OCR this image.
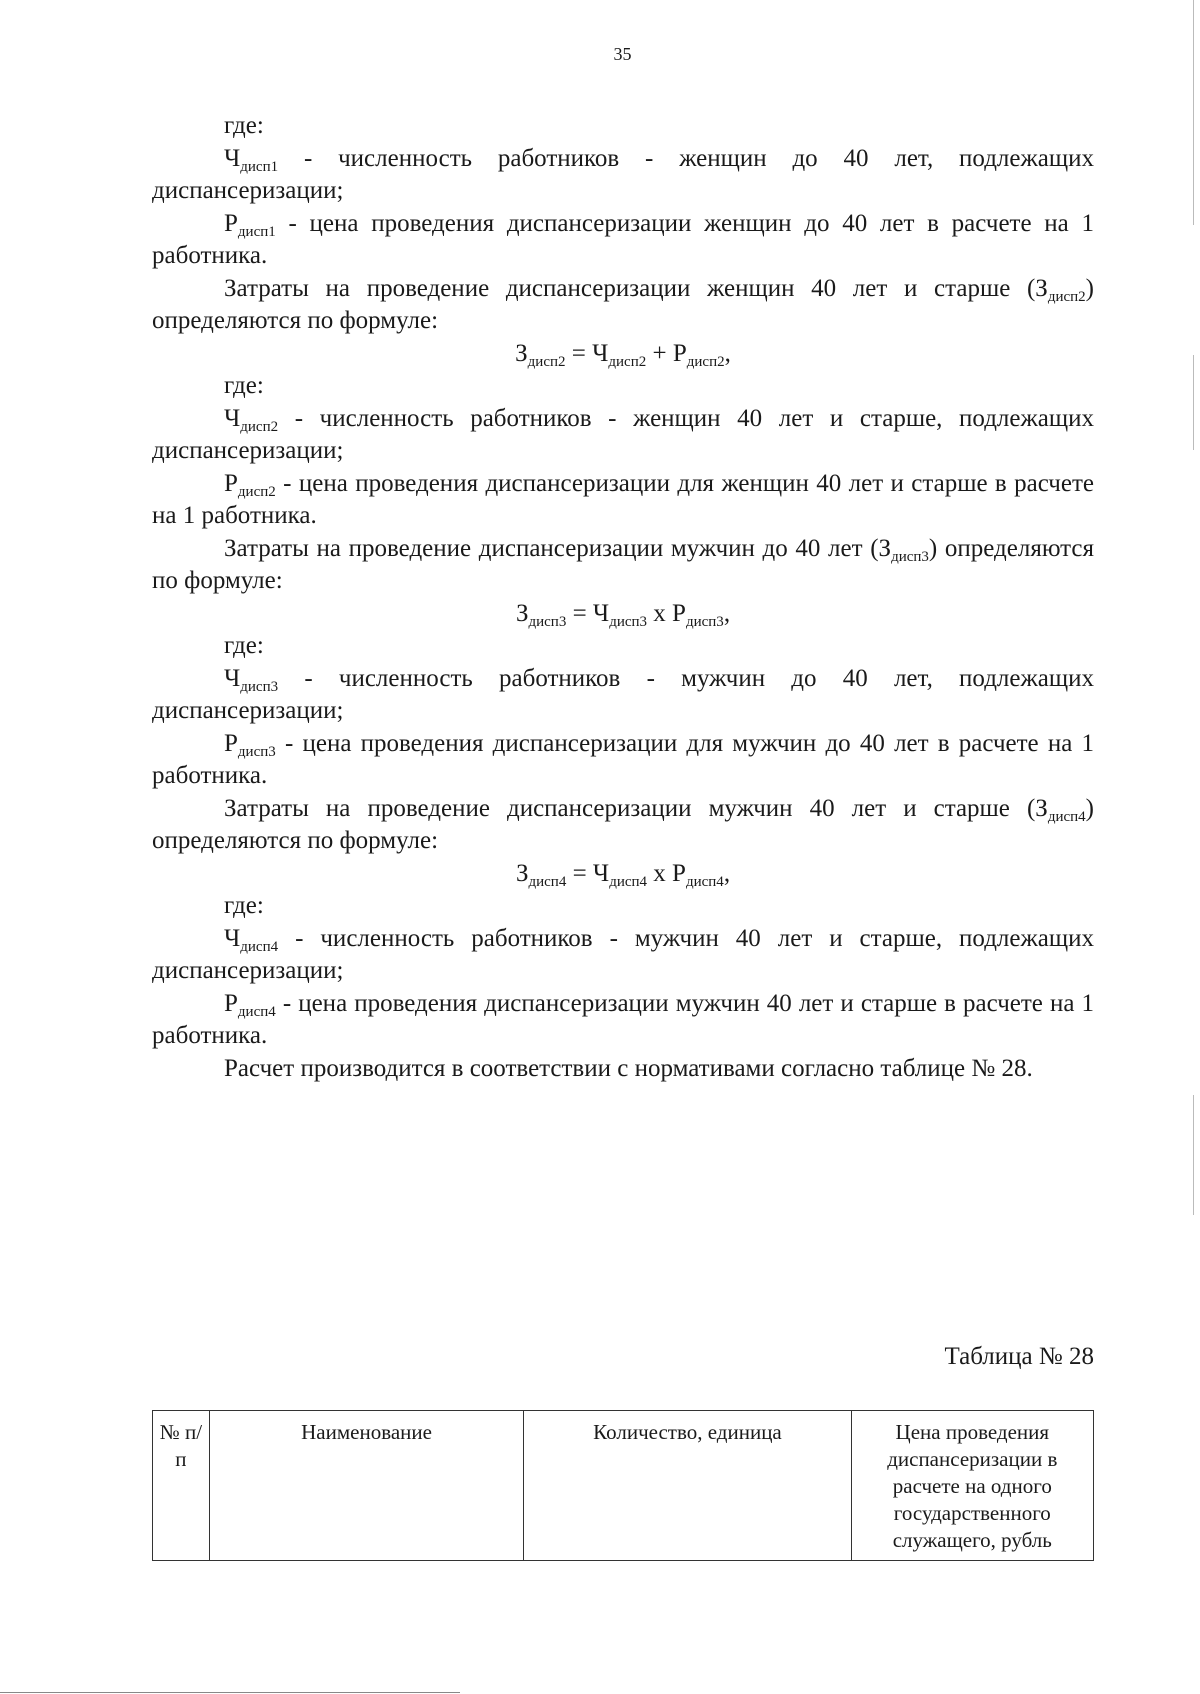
35

где:

$Ч_{дисп1}$ - численность работников - женщин до 40 лет, подлежащих диспансеризации;

$Р_{дисп1}$ - цена проведения диспансеризации женщин до 40 лет в расчете на 1 работника.

Затраты на проведение диспансеризации женщин 40 лет и старше $(З_{дисп2})$ определяются по формуле:

$З_{дисп2} = Ч_{дисп2} + Р_{дисп2}$,

где:

$Ч_{дисп2}$ - численность работников - женщин 40 лет и старше, подлежащих диспансеризации;

$Р_{дисп2}$ - цена проведения диспансеризации для женщин 40 лет и старше в расчете на 1 работника.

Затраты на проведение диспансеризации мужчин до 40 лет $(З_{дисп3})$ определяются по формуле:

$З_{дисп3} = Ч_{дисп3}$ х $Р_{дисп3}$,

где:

$Ч_{дисп3}$ - численность работников - мужчин до 40 лет, подлежащих диспансеризации;

$Р_{дисп3}$ - цена проведения диспансеризации для мужчин до 40 лет в расчете на 1 работника.

Затраты на проведение диспансеризации мужчин 40 лет и старше $(З_{дисп4})$ определяются по формуле:

$З_{дисп4} = Ч_{дисп4}$ х $Р_{дисп4}$,

где:

$Ч_{дисп4}$ - численность работников - мужчин 40 лет и старше, подлежащих диспансеризации;

$Р_{дисп4}$ - цена проведения диспансеризации мужчин 40 лет и старше в расчете на 1 работника.

Расчет производится в соответствии с нормативами согласно таблице № 28.

Таблица № 28
№ п/п	Наименование	Количество, единица	Цена проведения диспансеризации в расчете на одного государственного служащего, рубль
